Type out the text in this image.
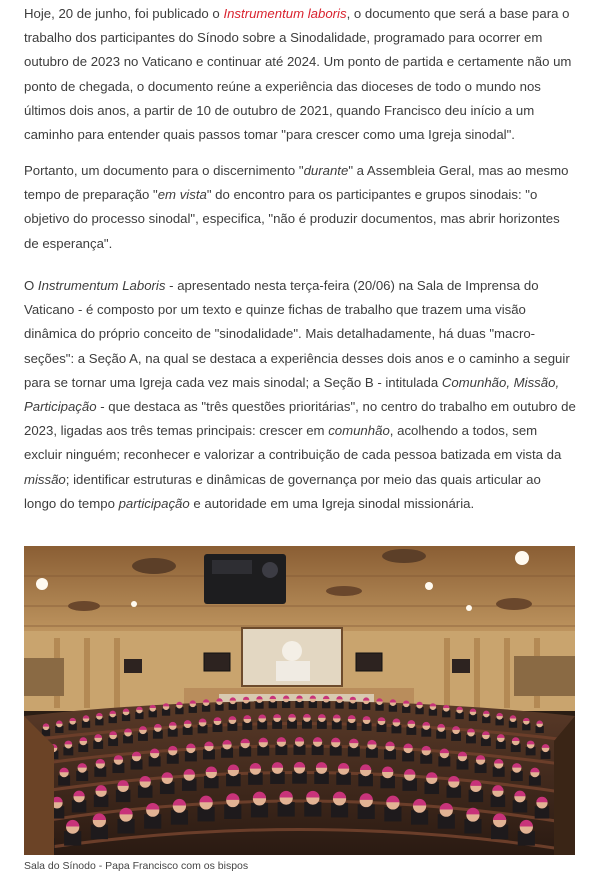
Hoje, 20 de junho, foi publicado o Instrumentum laboris, o documento que será a base para o trabalho dos participantes do Sínodo sobre a Sinodalidade, programado para ocorrer em outubro de 2023 no Vaticano e continuar até 2024. Um ponto de partida e certamente não um ponto de chegada, o documento reúne a experiência das dioceses de todo o mundo nos últimos dois anos, a partir de 10 de outubro de 2021, quando Francisco deu início a um caminho para entender quais passos tomar "para crescer como uma Igreja sinodal".

Portanto, um documento para o discernimento "durante" a Assembleia Geral, mas ao mesmo tempo de preparação "em vista" do encontro para os participantes e grupos sinodais: "o objetivo do processo sinodal", especifica, "não é produzir documentos, mas abrir horizontes de esperança".

O Instrumentum Laboris - apresentado nesta terça-feira (20/06) na Sala de Imprensa do Vaticano - é composto por um texto e quinze fichas de trabalho que trazem uma visão dinâmica do próprio conceito de "sinodalidade". Mais detalhadamente, há duas "macro-seções": a Seção A, na qual se destaca a experiência desses dois anos e o caminho a seguir para se tornar uma Igreja cada vez mais sinodal; a Seção B - intitulada Comunhão, Missão, Participação - que destaca as "três questões prioritárias", no centro do trabalho em outubro de 2023, ligadas aos três temas principais: crescer em comunhão, acolhendo a todos, sem excluir ninguém; reconhecer e valorizar a contribuição de cada pessoa batizada em vista da missão; identificar estruturas e dinâmicas de governança por meio das quais articular ao longo do tempo participação e autoridade em uma Igreja sinodal missionária.

Sala do Sínodo - Papa Francisco com os bispos
